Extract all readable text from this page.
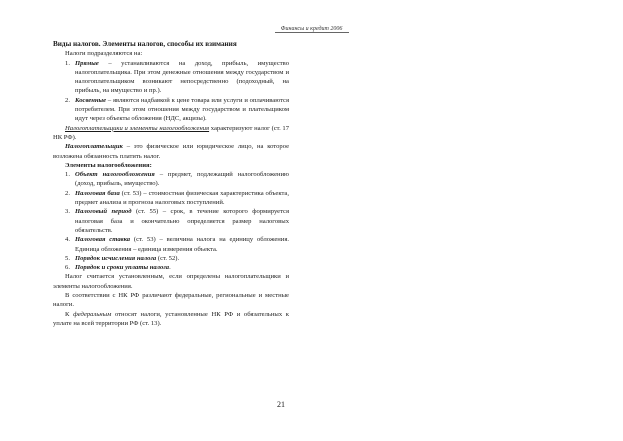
Финансы и кредит 2006

Виды налогов. Элементы налогов, способы их взимания

Налоги подразделяются на:

1. Прямые – устанавливаются на доход, прибыль, имущество налогоплательщика. При этом денежные отношения между государством и налогоплательщиком возникают непосредственно (подоходный, на прибыль, на имущество и пр.).
2. Косвенные – являются надбавкой к цене товара или услуги и оплачиваются потребителем. При этом отношения между государством и плательщиком идут через объекты обложения (НДС, акцизы).

Налогоплательщики и элементы налогообложения характеризуют налог (ст. 17 НК РФ).

Налогоплательщик – это физическое или юридическое лицо, на которое возложена обязанность платить налог.

Элементы налогообложения:

1. Объект налогообложения – предмет, подлежащий налогообложению (доход, прибыль, имущество).
2. Налоговая база (ст. 53) – стоимостная физическая характеристика объекта, предмет анализа и прогноза налоговых поступлений.
3. Налоговый период (ст. 55) – срок, в течение которого формируется налоговая база и окончательно определяется размер налоговых обязательств.
4. Налоговая ставка (ст. 53) – величина налога на единицу обложения. Единица обложения – единица измерения объекта.
5. Порядок исчисления налога (ст. 52).
6. Порядок и сроки уплаты налога.

Налог считается установленным, если определены налогоплательщики и элементы налогообложения.

В соответствии с НК РФ различают федеральные, региональные и местные налоги.

К федеральным относят налоги, установленные НК РФ и обязательных к уплате на всей территории РФ (ст. 13).

21
